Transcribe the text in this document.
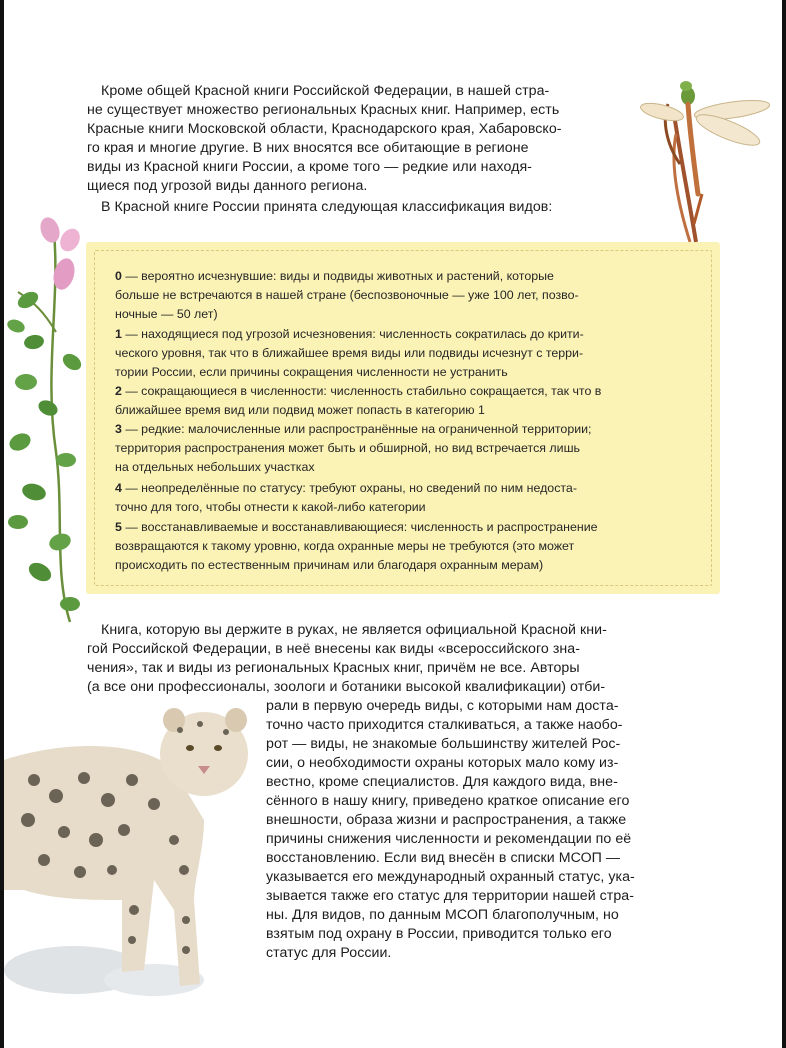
Кроме общей Красной книги Российской Федерации, в нашей стра-
не существует множество региональных Красных книг. Например, есть
Красные книги Московской области, Краснодарского края, Хабаровско-
го края и многие другие. В них вносятся все обитающие в регионе
виды из Красной книги России, а кроме того — редкие или находя-
щиеся под угрозой виды данного региона.
В Красной книге России принята следующая классификация видов:
0 — вероятно исчезнувшие: виды и подвиды животных и растений, которые
больше не встречаются в нашей стране (беспозвоночные — уже 100 лет, позво-
ночные — 50 лет)
1 — находящиеся под угрозой исчезновения: численность сократилась до крити-
ческого уровня, так что в ближайшее время виды или подвиды исчезнут с терри-
тории России, если причины сокращения численности не устранить
2 — сокращающиеся в численности: численность стабильно сокращается, так что в
ближайшее время вид или подвид может попасть в категорию 1
3 — редкие: малочисленные или распространённые на ограниченной территории;
территория распространения может быть и обширной, но вид встречается лишь
на отдельных небольших участках
4 — неопределённые по статусу: требуют охраны, но сведений по ним недоста-
точно для того, чтобы отнести к какой-либо категории
5 — восстанавливаемые и восстанавливающиеся: численность и распространение
возвращаются к такому уровню, когда охранные меры не требуются (это может
происходить по естественным причинам или благодаря охранным мерам)
Книга, которую вы держите в руках, не является официальной Красной кни-
гой Российской Федерации, в неё внесены как виды «всероссийского зна-
чения», так и виды из региональных Красных книг, причём не все. Авторы
(а все они профессионалы, зоологи и ботаники высокой квалификации) отби-
рали в первую очередь виды, с которыми нам доста-
точно часто приходится сталкиваться, а также наобо-
рот — виды, не знакомые большинству жителей Рос-
сии, о необходимости охраны которых мало кому из-
вестно, кроме специалистов. Для каждого вида, вне-
сённого в нашу книгу, приведено краткое описание его
внешности, образа жизни и распространения, а также
причины снижения численности и рекомендации по её
восстановлению. Если вид внесён в списки МСОП —
указывается его международный охранный статус, ука-
зывается также его статус для территории нашей стра-
ны. Для видов, по данным МСОП благополучным, но
взятым под охрану в России, приводится только его
статус для России.
